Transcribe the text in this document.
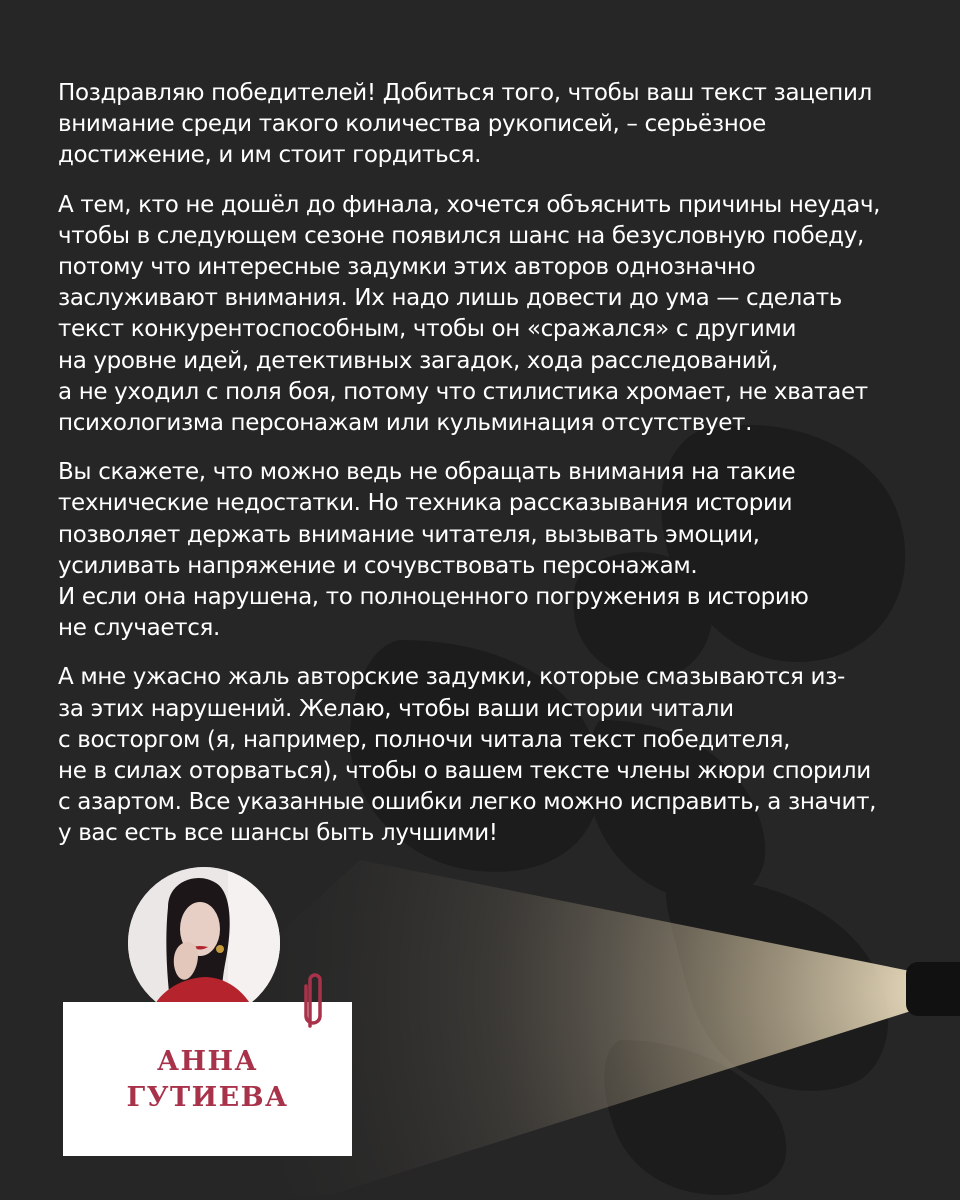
Поздравляю победителей! Добиться того, чтобы ваш текст зацепил
внимание среди такого количества рукописей, – серьёзное
достижение, и им стоит гордиться.

А тем, кто не дошёл до финала, хочется объяснить причины неудач,
чтобы в следующем сезоне появился шанс на безусловную победу,
потому что интересные задумки этих авторов однозначно
заслуживают внимания. Их надо лишь довести до ума — сделать
текст конкурентоспособным, чтобы он «сражался» с другими
на уровне идей, детективных загадок, хода расследований,
а не уходил с поля боя, потому что стилистика хромает, не хватает
психологизма персонажам или кульминация отсутствует.

Вы скажете, что можно ведь не обращать внимания на такие
технические недостатки. Но техника рассказывания истории
позволяет держать внимание читателя, вызывать эмоции,
усиливать напряжение и сочувствовать персонажам.
И если она нарушена, то полноценного погружения в историю
не случается.

А мне ужасно жаль авторские задумки, которые смазываются из-
за этих нарушений. Желаю, чтобы ваши истории читали
с восторгом (я, например, полночи читала текст победителя,
не в силах оторваться), чтобы о вашем тексте члены жюри спорили
с азартом. Все указанные ошибки легко можно исправить, а значит,
у вас есть все шансы быть лучшими!

АННА
ГУТИЕВА
